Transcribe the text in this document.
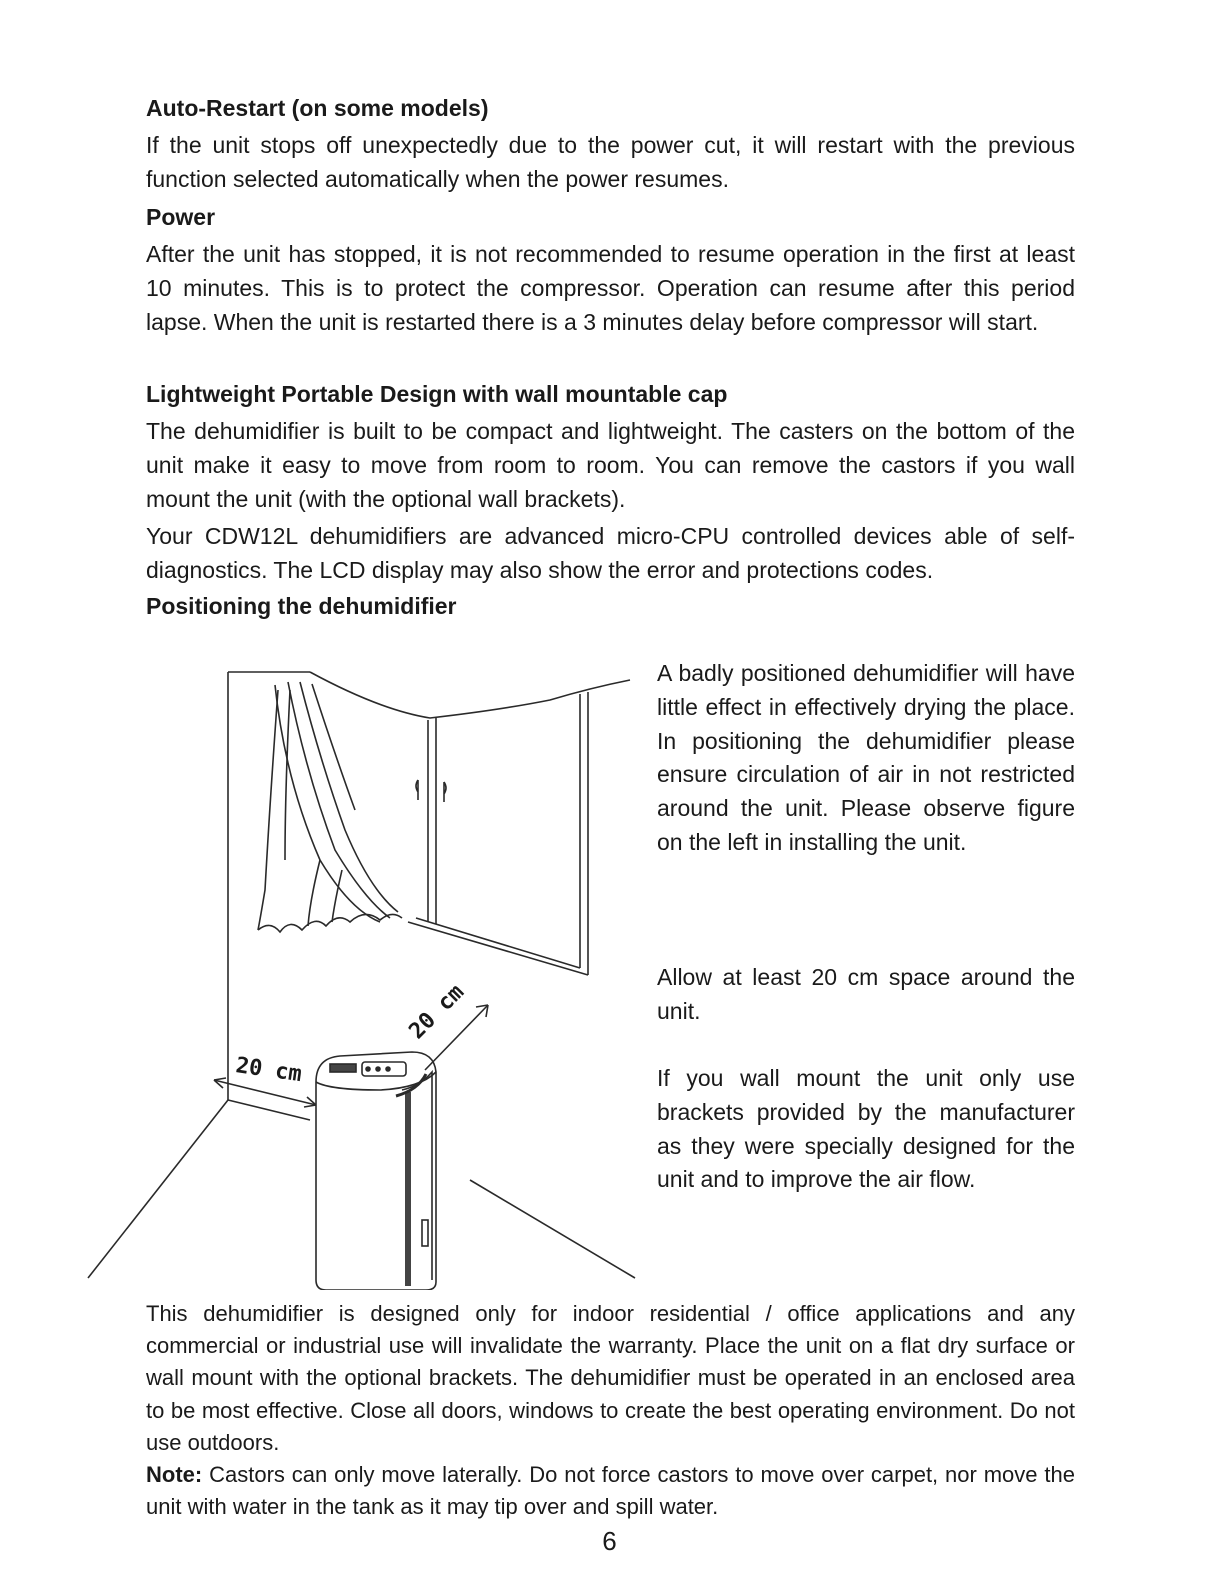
Auto-Restart (on some models)

If the unit stops off unexpectedly due to the power cut, it will restart with the previous function selected automatically when the power resumes.

Power

After the unit has stopped, it is not recommended to resume operation in the first at least 10 minutes. This is to protect the compressor. Operation can resume after this period lapse. When the unit is restarted there is a 3 minutes delay before compressor will start.

Lightweight Portable Design with wall mountable cap

The dehumidifier is built to be compact and lightweight. The casters on the bottom of the unit make it easy to move from room to room. You can remove the castors if you wall mount the unit (with the optional wall brackets).

Your CDW12L dehumidifiers are advanced micro-CPU controlled devices able of self-diagnostics. The LCD display may also show the error and protections codes.

Positioning the dehumidifier
20 cm
20 cm

A badly positioned dehumidifier will have little effect in effectively drying the place. In positioning the dehumidifier please ensure circulation of air in not restricted around the unit. Please observe figure on the left in installing the unit.

Allow at least 20 cm space around the unit.

If you wall mount the unit only use brackets provided by the manufacturer as they were specially designed for the unit and to improve the air flow.

This dehumidifier is designed only for indoor residential / office applications and any commercial or industrial use will invalidate the warranty. Place the unit on a flat dry surface or wall mount with the optional brackets. The dehumidifier must be operated in an enclosed area to be most effective. Close all doors, windows to create the best operating environment. Do not use outdoors.

Note: Castors can only move laterally. Do not force castors to move over carpet, nor move the unit with water in the tank as it may tip over and spill water.

6
